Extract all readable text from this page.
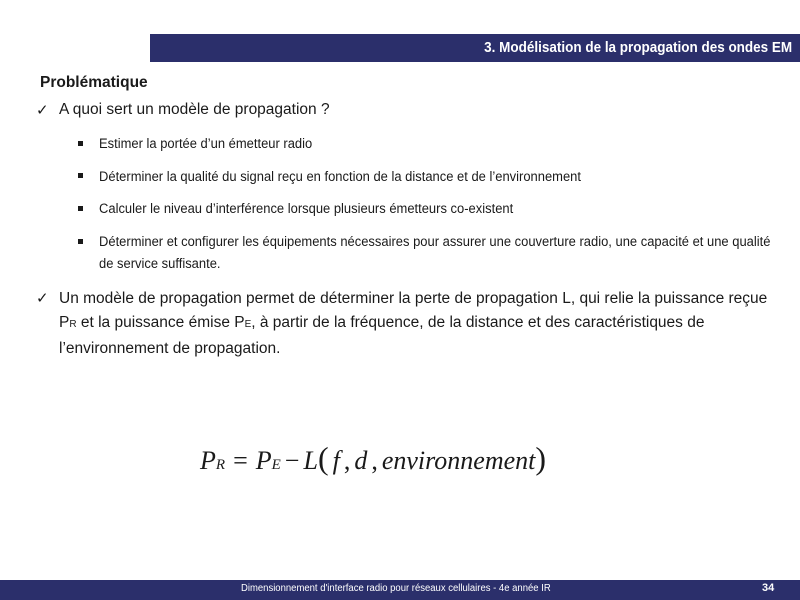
3. Modélisation de la propagation des ondes EM
Problématique
✓ A quoi sert un modèle de propagation ?
Estimer la portée d’un émetteur radio
Déterminer la qualité du signal reçu en fonction de la distance et de l’environnement
Calculer le niveau d’interférence lorsque plusieurs émetteurs co-existent
Déterminer et configurer les équipements nécessaires pour assurer une couverture radio, une capacité et une qualité de service suffisante.
✓ Un modèle de propagation permet de déterminer la perte de propagation L, qui relie la puissance reçue PR et la puissance émise PE, à partir de la fréquence, de la distance et des caractéristiques de l’environnement de propagation.
P R = P E − L ( f , d , environnement )
Dimensionnement d'interface radio pour réseaux cellulaires - 4e année IR	34
